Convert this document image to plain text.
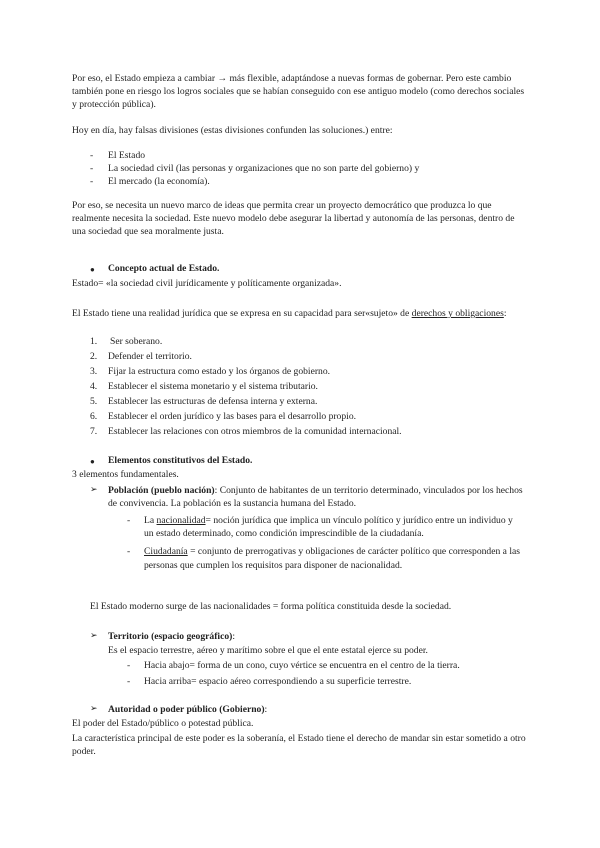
Por eso, el Estado empieza a cambiar → más flexible, adaptándose a nuevas formas de gobernar. Pero este cambio también pone en riesgo los logros sociales que se habían conseguido con ese antiguo modelo (como derechos sociales y protección pública).

Hoy en día, hay falsas divisiones (estas divisiones confunden las soluciones.) entre:

- El Estado
- La sociedad civil (las personas y organizaciones que no son parte del gobierno) y
- El mercado (la economía).

Por eso, se necesita un nuevo marco de ideas que permita crear un proyecto democrático que produzca lo que realmente necesita la sociedad. Este nuevo modelo debe asegurar la libertad y autonomía de las personas, dentro de una sociedad que sea moralmente justa.

● Concepto actual de Estado.
Estado= «la sociedad civil jurídicamente y políticamente organizada».

El Estado tiene una realidad jurídica que se expresa en su capacidad para ser«sujeto» de derechos y obligaciones:

1. Ser soberano.
2. Defender el territorio.
3. Fijar la estructura como estado y los órganos de gobierno.
4. Establecer el sistema monetario y el sistema tributario.
5. Establecer las estructuras de defensa interna y externa.
6. Establecer el orden jurídico y las bases para el desarrollo propio.
7. Establecer las relaciones con otros miembros de la comunidad internacional.
● Elementos constitutivos del Estado.
3 elementos fundamentales.
➢ Población (pueblo nación): Conjunto de habitantes de un territorio determinado, vinculados por los hechos de convivencia. La población es la sustancia humana del Estado.

- La nacionalidad= noción jurídica que implica un vínculo político y jurídico entre un individuo y un estado determinado, como condición imprescindible de la ciudadanía.

- Ciudadanía = conjunto de prerrogativas y obligaciones de carácter político que corresponden a las personas que cumplen los requisitos para disponer de nacionalidad.

El Estado moderno surge de las nacionalidades = forma política constituida desde la sociedad.
➢ Territorio (espacio geográfico):
Es el espacio terrestre, aéreo y marítimo sobre el que el ente estatal ejerce su poder.
- Hacia abajo= forma de un cono, cuyo vértice se encuentra en el centro de la tierra.
- Hacia arriba= espacio aéreo correspondiendo a su superficie terrestre.
➢ Autoridad o poder público (Gobierno):
El poder del Estado/público o potestad pública.

La característica principal de este poder es la soberanía, el Estado tiene el derecho de mandar sin estar sometido a otro poder.
